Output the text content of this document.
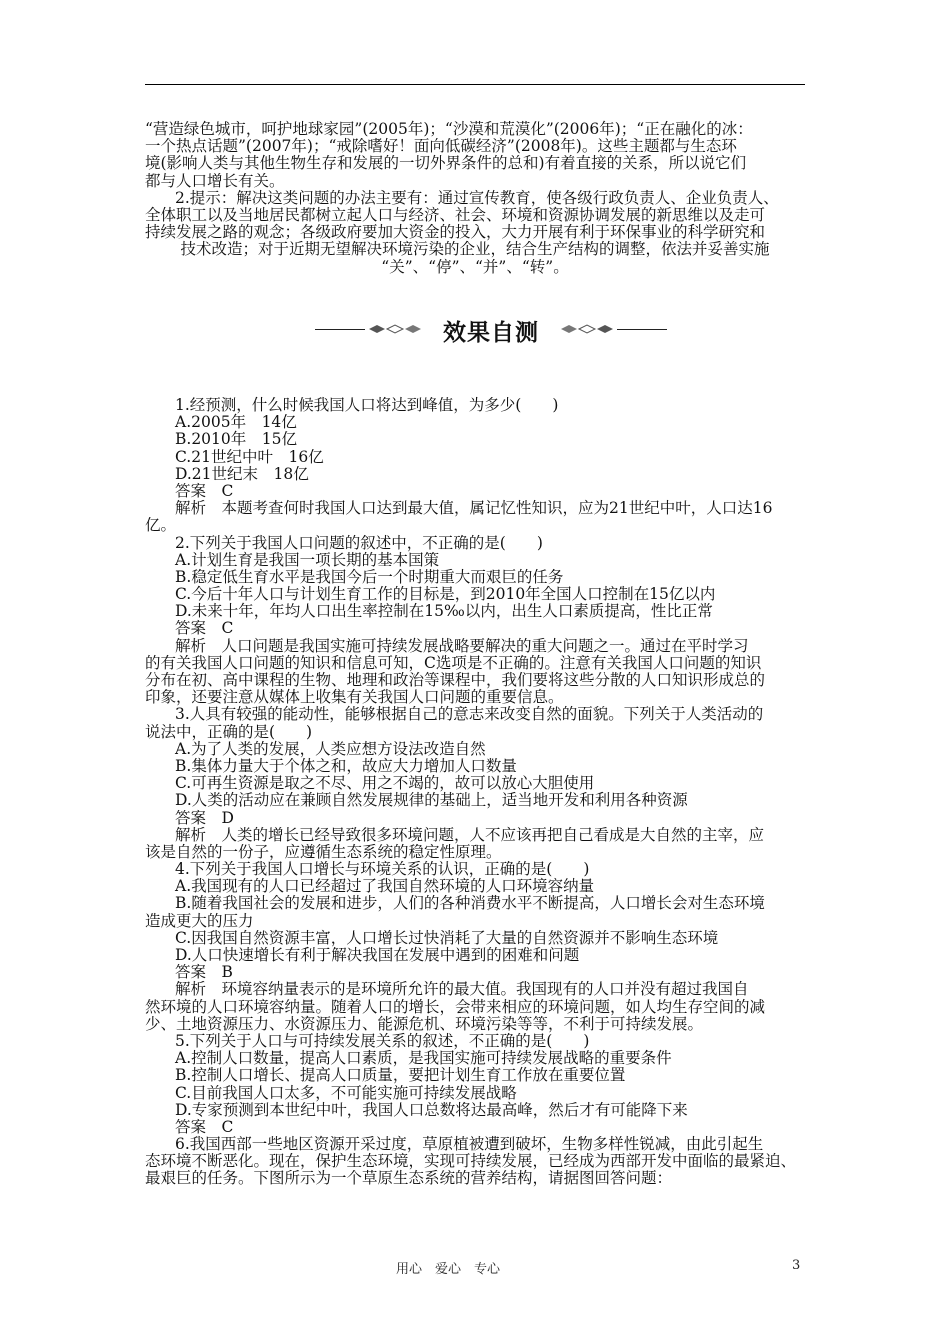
“营造绿色城市，呵护地球家园”(2005年)；“沙漠和荒漠化”(2006年)；“正在融化的冰：
一个热点话题”(2007年)；“戒除嗜好！面向低碳经济”(2008年)。这些主题都与生态环
境(影响人类与其他生物生存和发展的一切外界条件的总和)有着直接的关系，所以说它们
都与人口增长有关。
2.提示：解决这类问题的办法主要有：通过宣传教育，使各级行政负责人、企业负责人、
全体职工以及当地居民都树立起人口与经济、社会、环境和资源协调发展的新思维以及走可
持续发展之路的观念；各级政府要加大资金的投入，大力开展有利于环保事业的科学研究和
技术改造；对于近期无望解决环境污染的企业，结合生产结构的调整，依法并妥善实施
“关”、“停”、“并”、“转”。
效果自测
1.经预测，什么时候我国人口将达到峰值，为多少(　　)
A.2005年　14亿
B.2010年　15亿
C.21世纪中叶　16亿
D.21世纪末　18亿
答案　C
解析　本题考查何时我国人口达到最大值，属记忆性知识，应为21世纪中叶，人口达16
亿。
2.下列关于我国人口问题的叙述中，不正确的是(　　)
A.计划生育是我国一项长期的基本国策
B.稳定低生育水平是我国今后一个时期重大而艰巨的任务
C.今后十年人口与计划生育工作的目标是，到2010年全国人口控制在15亿以内
D.未来十年，年均人口出生率控制在15‰以内，出生人口素质提高，性比正常
答案　C
解析　人口问题是我国实施可持续发展战略要解决的重大问题之一。通过在平时学习
的有关我国人口问题的知识和信息可知，C选项是不正确的。注意有关我国人口问题的知识
分布在初、高中课程的生物、地理和政治等课程中，我们要将这些分散的人口知识形成总的
印象，还要注意从媒体上收集有关我国人口问题的重要信息。
3.人具有较强的能动性，能够根据自己的意志来改变自然的面貌。下列关于人类活动的
说法中，正确的是(　　)
A.为了人类的发展，人类应想方设法改造自然
B.集体力量大于个体之和，故应大力增加人口数量
C.可再生资源是取之不尽、用之不竭的，故可以放心大胆使用
D.人类的活动应在兼顾自然发展规律的基础上，适当地开发和利用各种资源
答案　D
解析　人类的增长已经导致很多环境问题，人不应该再把自己看成是大自然的主宰，应
该是自然的一份子，应遵循生态系统的稳定性原理。
4.下列关于我国人口增长与环境关系的认识，正确的是(　　)
A.我国现有的人口已经超过了我国自然环境的人口环境容纳量
B.随着我国社会的发展和进步，人们的各种消费水平不断提高，人口增长会对生态环境
造成更大的压力
C.因我国自然资源丰富，人口增长过快消耗了大量的自然资源并不影响生态环境
D.人口快速增长有利于解决我国在发展中遇到的困难和问题
答案　B
解析　环境容纳量表示的是环境所允许的最大值。我国现有的人口并没有超过我国自
然环境的人口环境容纳量。随着人口的增长，会带来相应的环境问题，如人均生存空间的减
少、土地资源压力、水资源压力、能源危机、环境污染等等，不利于可持续发展。
5.下列关于人口与可持续发展关系的叙述，不正确的是(　　)
A.控制人口数量，提高人口素质，是我国实施可持续发展战略的重要条件
B.控制人口增长、提高人口质量，要把计划生育工作放在重要位置
C.目前我国人口太多，不可能实施可持续发展战略
D.专家预测到本世纪中叶，我国人口总数将达最高峰，然后才有可能降下来
答案　C
6.我国西部一些地区资源开采过度，草原植被遭到破坏，生物多样性锐减，由此引起生
态环境不断恶化。现在，保护生态环境，实现可持续发展，已经成为西部开发中面临的最紧迫、
最艰巨的任务。下图所示为一个草原生态系统的营养结构，请据图回答问题：
用心　爱心　专心	3
